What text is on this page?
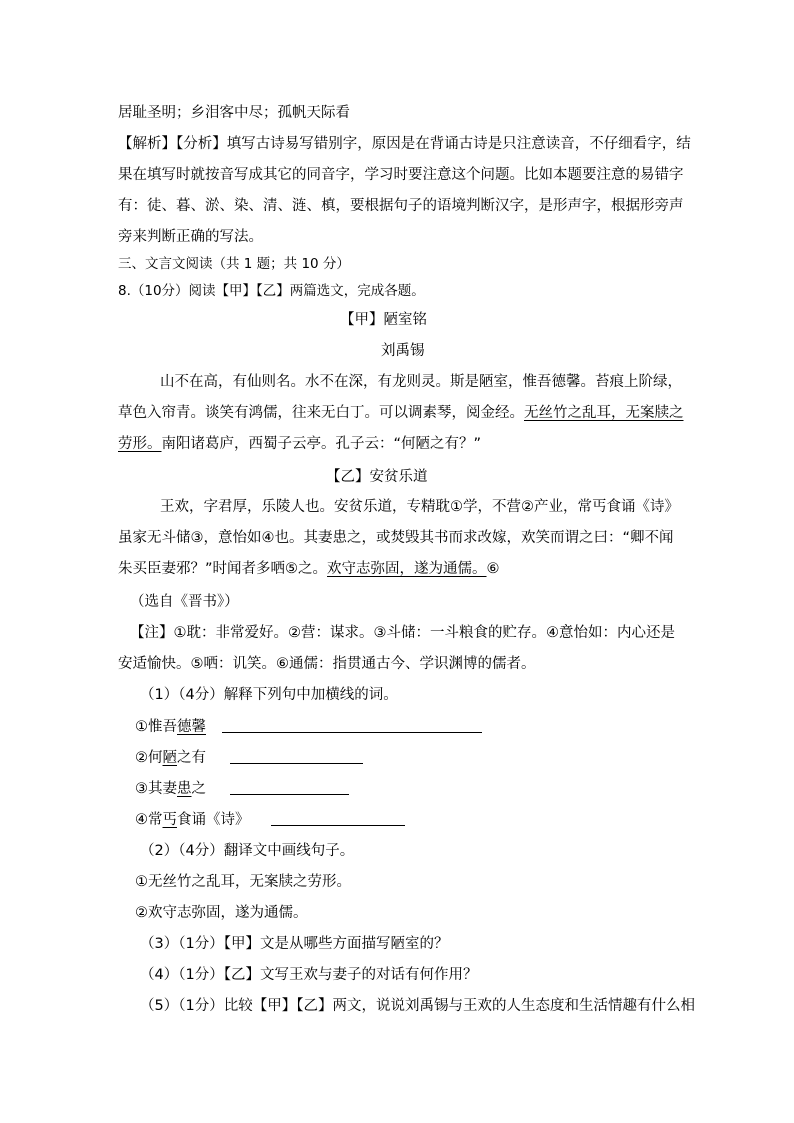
居耻圣明；乡泪客中尽；孤帆天际看
【解析】【分析】填写古诗易写错别字，原因是在背诵古诗是只注意读音，不仔细看字，结
果在填写时就按音写成其它的同音字，学习时要注意这个问题。比如本题要注意的易错字
有：徒、暮、淤、染、清、涟、槙，要根据句子的语境判断汉字，是形声字，根据形旁声
旁来判断正确的写法。
三、文言文阅读（共 1 题；共 10 分）
8.（10分）阅读【甲】【乙】两篇选文，完成各题。
【甲】陋室铭
刘禹锡
山不在高，有仙则名。水不在深，有龙则灵。斯是陋室，惟吾德馨。苔痕上阶绿，
草色入帘青。谈笑有鸿儒，往来无白丁。可以调素琴，阅金经。无丝竹之乱耳，无案牍之
劳形。南阳诸葛庐，西蜀子云亭。孔子云：“何陋之有？”
【乙】安贫乐道
王欢，字君厚，乐陵人也。安贫乐道，专精耽①学，不营②产业，常丐食诵《诗》
虽家无斗储③，意怡如④也。其妻患之，或焚毁其书而求改嫁，欢笑而谓之曰：“卿不闻
朱买臣妻邪？”时闻者多哂⑤之。欢守志弥固，遂为通儒。⑥
（选自《晋书》）
【注】①耽：非常爱好。②营：谋求。③斗储：一斗粮食的贮存。④意怡如：内心还是
安适愉快。⑤哂：讥笑。⑥通儒：指贯通古今、学识渊博的儒者。
（1）（4分）解释下列句中加横线的词。
①惟吾德馨
②何陋之有
③其妻患之
④常丐食诵《诗》
（2）（4分）翻译文中画线句子。
①无丝竹之乱耳，无案牍之劳形。
②欢守志弥固，遂为通儒。
（3）（1分）【甲】文是从哪些方面描写陋室的？
（4）（1分）【乙】文写王欢与妻子的对话有何作用？
（5）（1分）比较【甲】【乙】两文，说说刘禹锡与王欢的人生态度和生活情趣有什么相
